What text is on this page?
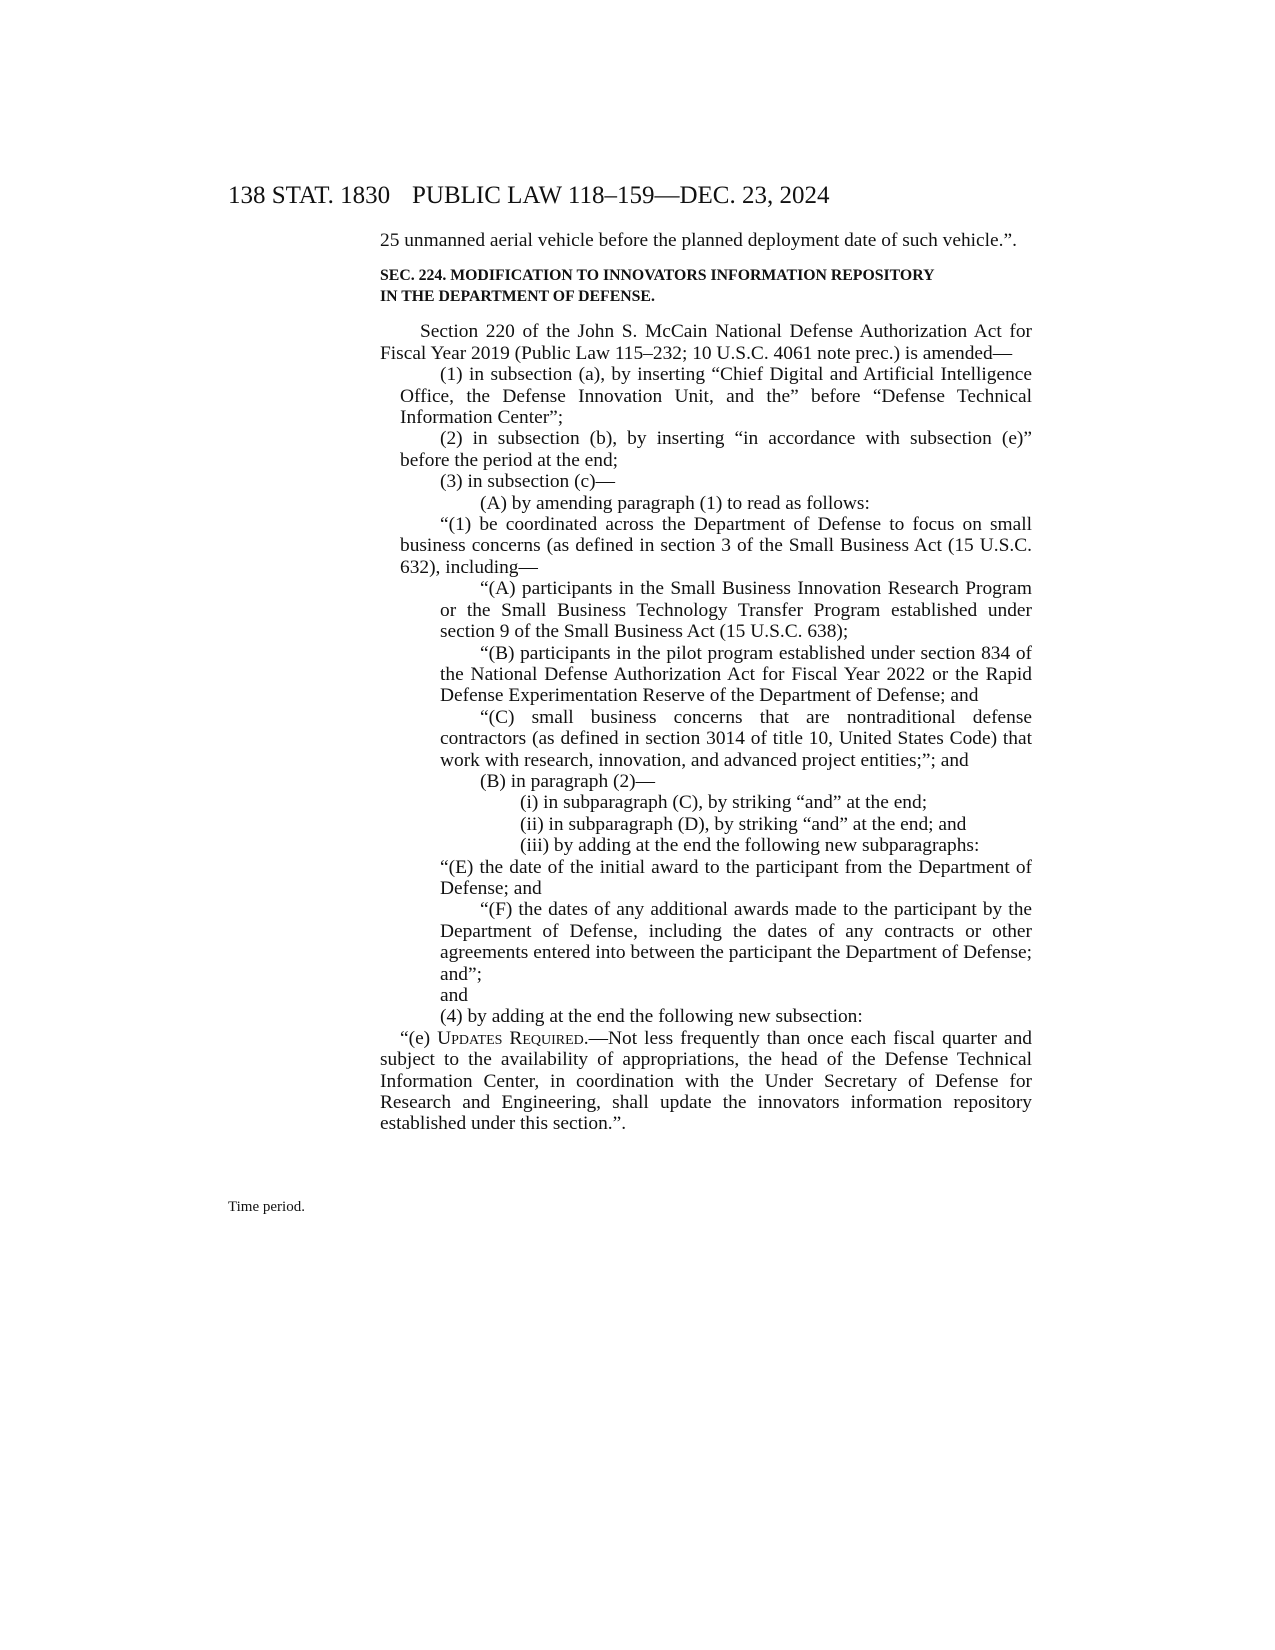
138 STAT. 1830 PUBLIC LAW 118–159—DEC. 23, 2024
Time period.

25 unmanned aerial vehicle before the planned deployment date of such vehicle.”.

SEC. 224. MODIFICATION TO INNOVATORS INFORMATION REPOSITORY
IN THE DEPARTMENT OF DEFENSE.

Section 220 of the John S. McCain National Defense Authorization Act for Fiscal Year 2019 (Public Law 115–232; 10 U.S.C. 4061 note prec.) is amended—

(1) in subsection (a), by inserting “Chief Digital and Artificial Intelligence Office, the Defense Innovation Unit, and the” before “Defense Technical Information Center”;

(2) in subsection (b), by inserting “in accordance with subsection (e)” before the period at the end;

(3) in subsection (c)—

(A) by amending paragraph (1) to read as follows:

“(1) be coordinated across the Department of Defense to focus on small business concerns (as defined in section 3 of the Small Business Act (15 U.S.C. 632), including—

“(A) participants in the Small Business Innovation Research Program or the Small Business Technology Transfer Program established under section 9 of the Small Business Act (15 U.S.C. 638);

“(B) participants in the pilot program established under section 834 of the National Defense Authorization Act for Fiscal Year 2022 or the Rapid Defense Experimentation Reserve of the Department of Defense; and

“(C) small business concerns that are nontraditional defense contractors (as defined in section 3014 of title 10, United States Code) that work with research, innovation, and advanced project entities;”; and

(B) in paragraph (2)—

(i) in subparagraph (C), by striking “and” at the end;

(ii) in subparagraph (D), by striking “and” at the end; and

(iii) by adding at the end the following new subparagraphs:

“(E) the date of the initial award to the participant from the Department of Defense; and

“(F) the dates of any additional awards made to the participant by the Department of Defense, including the dates of any contracts or other agreements entered into between the participant the Department of Defense; and”;

and

(4) by adding at the end the following new subsection:

“(e) Updates Required.—Not less frequently than once each fiscal quarter and subject to the availability of appropriations, the head of the Defense Technical Information Center, in coordination with the Under Secretary of Defense for Research and Engineering, shall update the innovators information repository established under this section.”.
